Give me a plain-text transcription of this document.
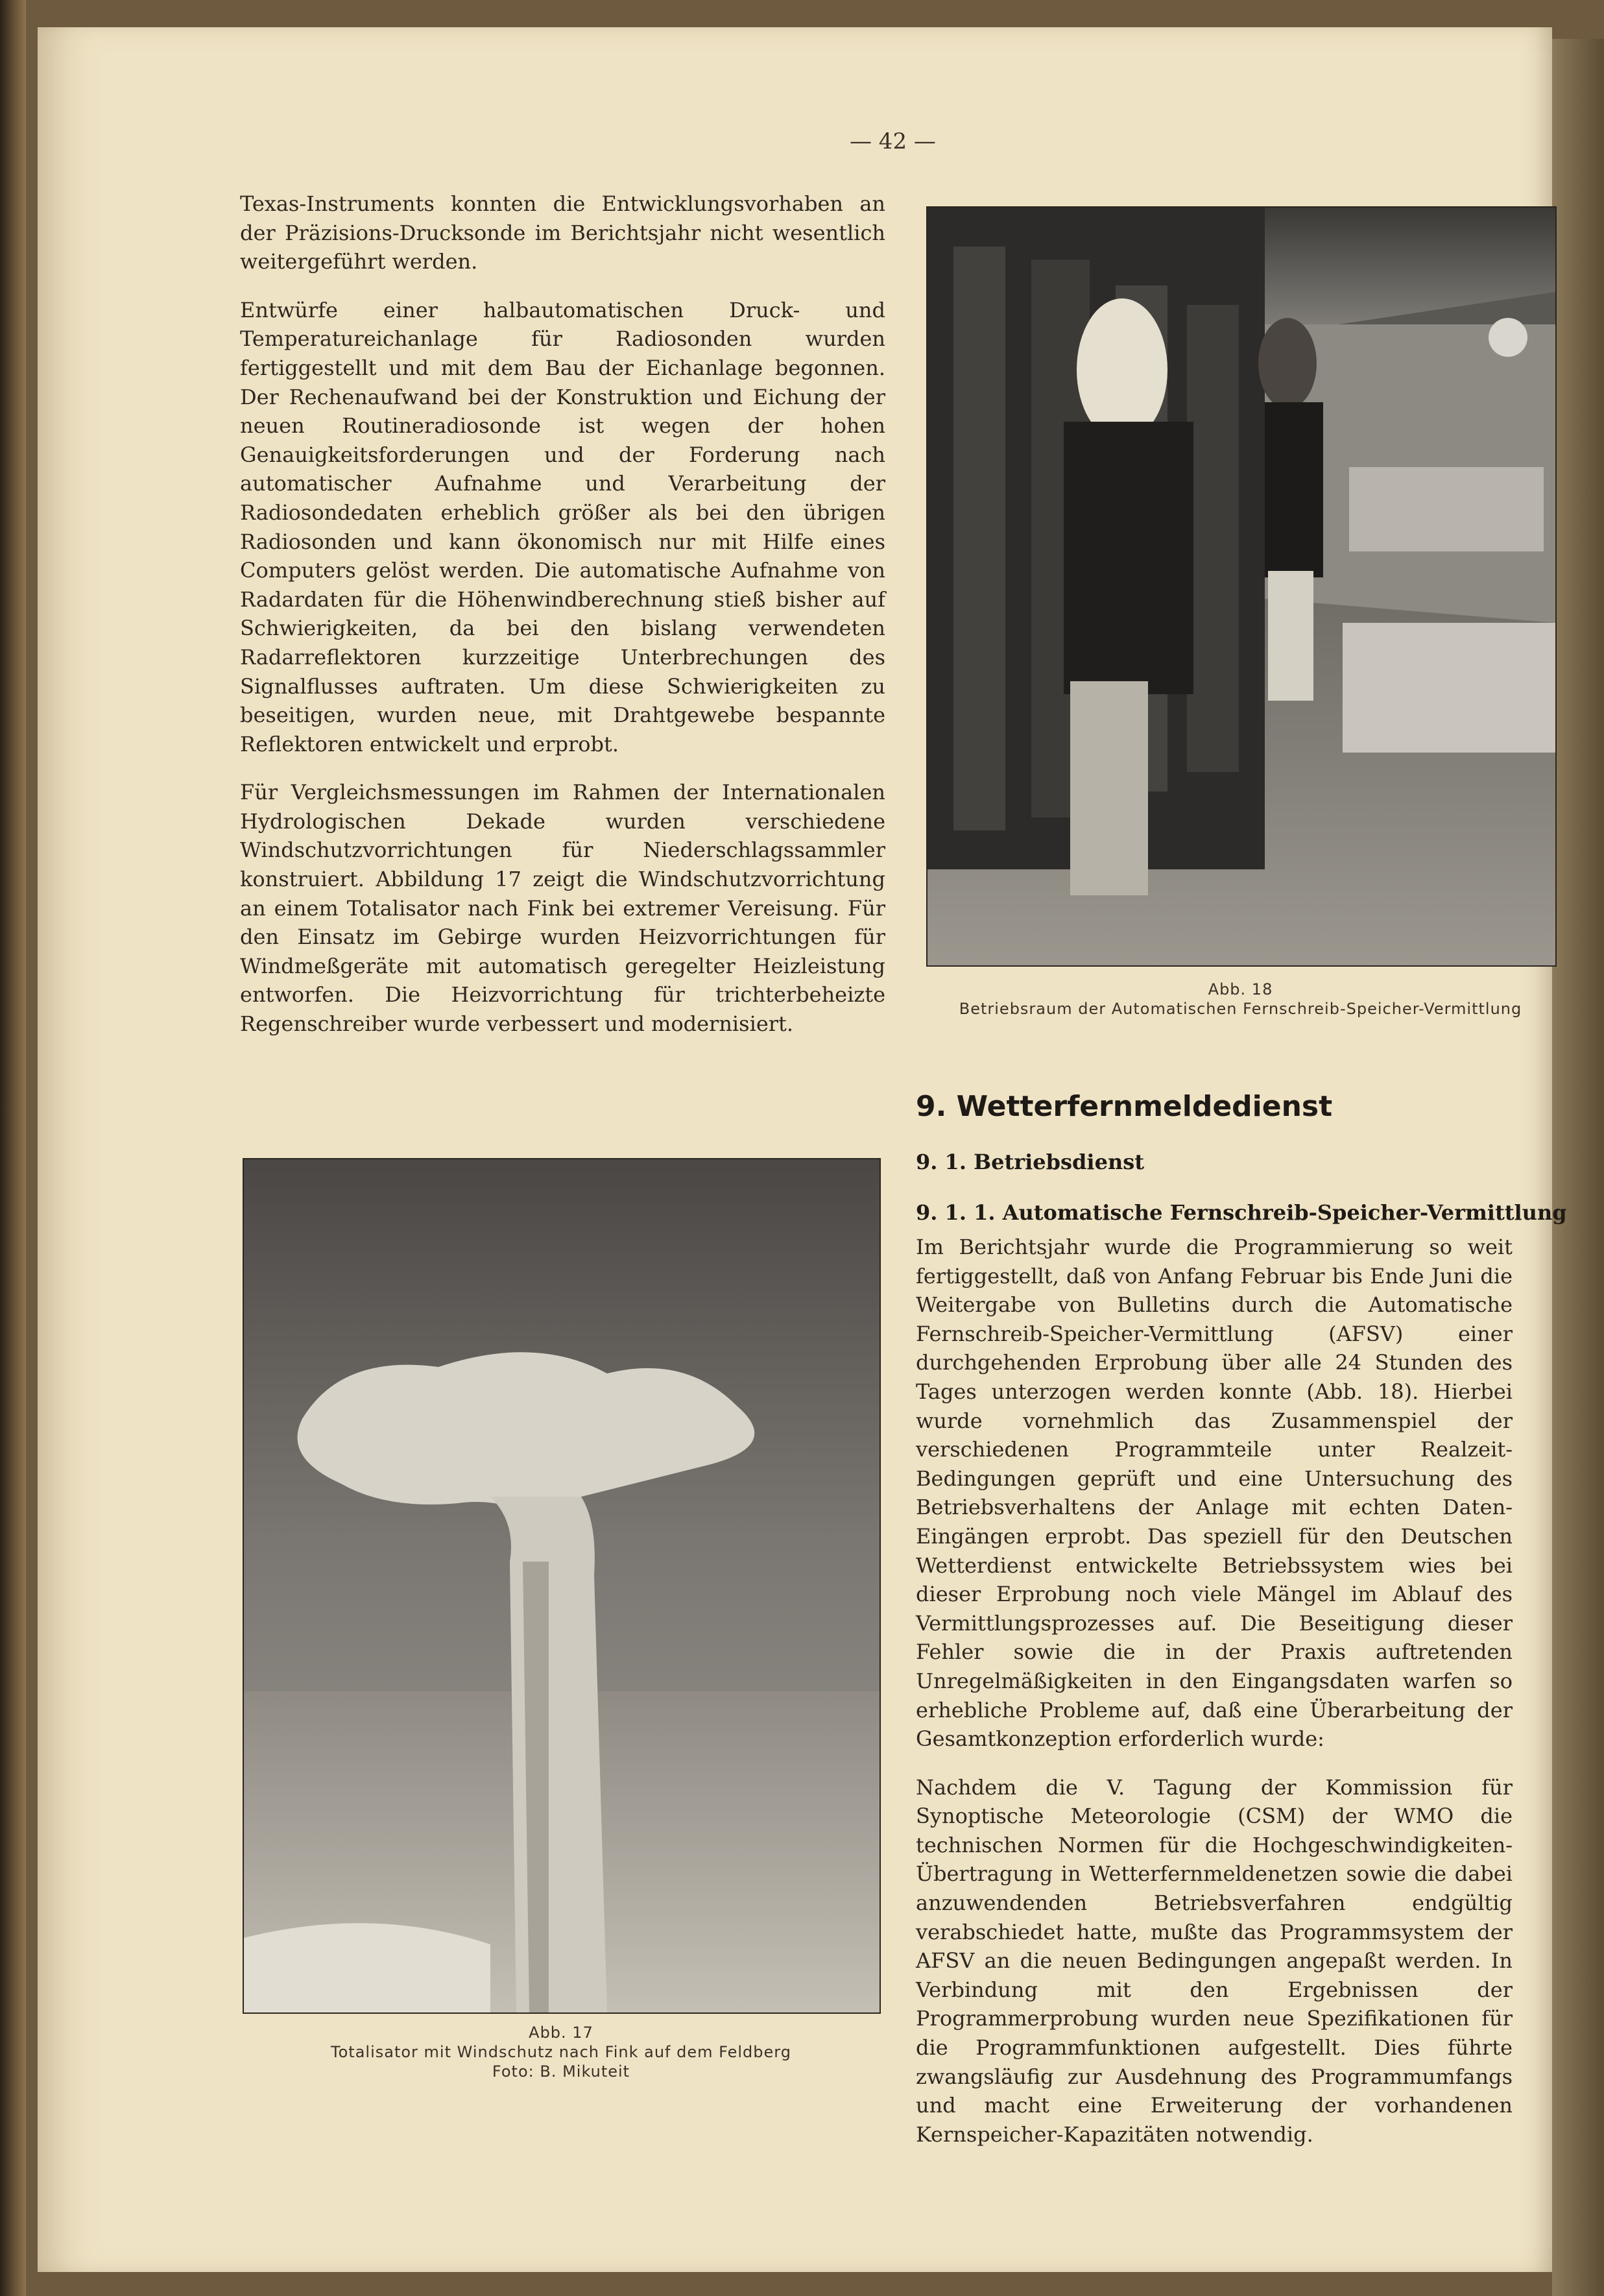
— 42 —

Texas-Instruments konnten die Entwicklungsvorhaben an der Präzisions-Drucksonde im Berichtsjahr nicht wesentlich weitergeführt werden.

Entwürfe einer halbautomatischen Druck- und Temperatureichanlage für Radiosonden wurden fertiggestellt und mit dem Bau der Eichanlage begonnen. Der Rechenaufwand bei der Konstruktion und Eichung der neuen Routineradiosonde ist wegen der hohen Genauigkeitsforderungen und der Forderung nach automatischer Aufnahme und Verarbeitung der Radiosondedaten erheblich größer als bei den übrigen Radiosonden und kann ökonomisch nur mit Hilfe eines Computers gelöst werden. Die automatische Aufnahme von Radardaten für die Höhenwindberechnung stieß bisher auf Schwierigkeiten, da bei den bislang verwendeten Radarreflektoren kurzzeitige Unterbrechungen des Signalflusses auftraten. Um diese Schwierigkeiten zu beseitigen, wurden neue, mit Drahtgewebe bespannte Reflektoren entwickelt und erprobt.

Für Vergleichsmessungen im Rahmen der Internationalen Hydrologischen Dekade wurden verschiedene Windschutzvorrichtungen für Niederschlagssammler konstruiert. Abbildung 17 zeigt die Windschutzvorrichtung an einem Totalisator nach Fink bei extremer Vereisung. Für den Einsatz im Gebirge wurden Heizvorrichtungen für Windmeßgeräte mit automatisch geregelter Heizleistung entworfen. Die Heizvorrichtung für trichterbeheizte Regenschreiber wurde verbessert und modernisiert.

Abb. 18
Betriebsraum der Automatischen Fernschreib-Speicher-Vermittlung
9. Wetterfernmeldedienst
9. 1. Betriebsdienst
9. 1. 1. Automatische Fernschreib-Speicher-Vermittlung

Im Berichtsjahr wurde die Programmierung so weit fertiggestellt, daß von Anfang Februar bis Ende Juni die Weitergabe von Bulletins durch die Automatische Fernschreib-Speicher-Vermittlung (AFSV) einer durchgehenden Erprobung über alle 24 Stunden des Tages unterzogen werden konnte (Abb. 18). Hierbei wurde vornehmlich das Zusammenspiel der verschiedenen Programmteile unter Realzeit-Bedingungen geprüft und eine Untersuchung des Betriebsverhaltens der Anlage mit echten Daten-Eingängen erprobt. Das speziell für den Deutschen Wetterdienst entwickelte Betriebssystem wies bei dieser Erprobung noch viele Mängel im Ablauf des Vermittlungsprozesses auf. Die Beseitigung dieser Fehler sowie die in der Praxis auftretenden Unregelmäßigkeiten in den Eingangsdaten warfen so erhebliche Probleme auf, daß eine Überarbeitung der Gesamtkonzeption erforderlich wurde:

Nachdem die V. Tagung der Kommission für Synoptische Meteorologie (CSM) der WMO die technischen Normen für die Hochgeschwindigkeiten-Übertragung in Wetterfernmeldenetzen sowie die dabei anzuwendenden Betriebsverfahren endgültig verabschiedet hatte, mußte das Programmsystem der AFSV an die neuen Bedingungen angepaßt werden. In Verbindung mit den Ergebnissen der Programmerprobung wurden neue Spezifikationen für die Programmfunktionen aufgestellt. Dies führte zwangsläufig zur Ausdehnung des Programmumfangs und macht eine Erweiterung der vorhandenen Kernspeicher-Kapazitäten notwendig.

Abb. 17
Totalisator mit Windschutz nach Fink auf dem Feldberg
Foto: B. Mikuteit
